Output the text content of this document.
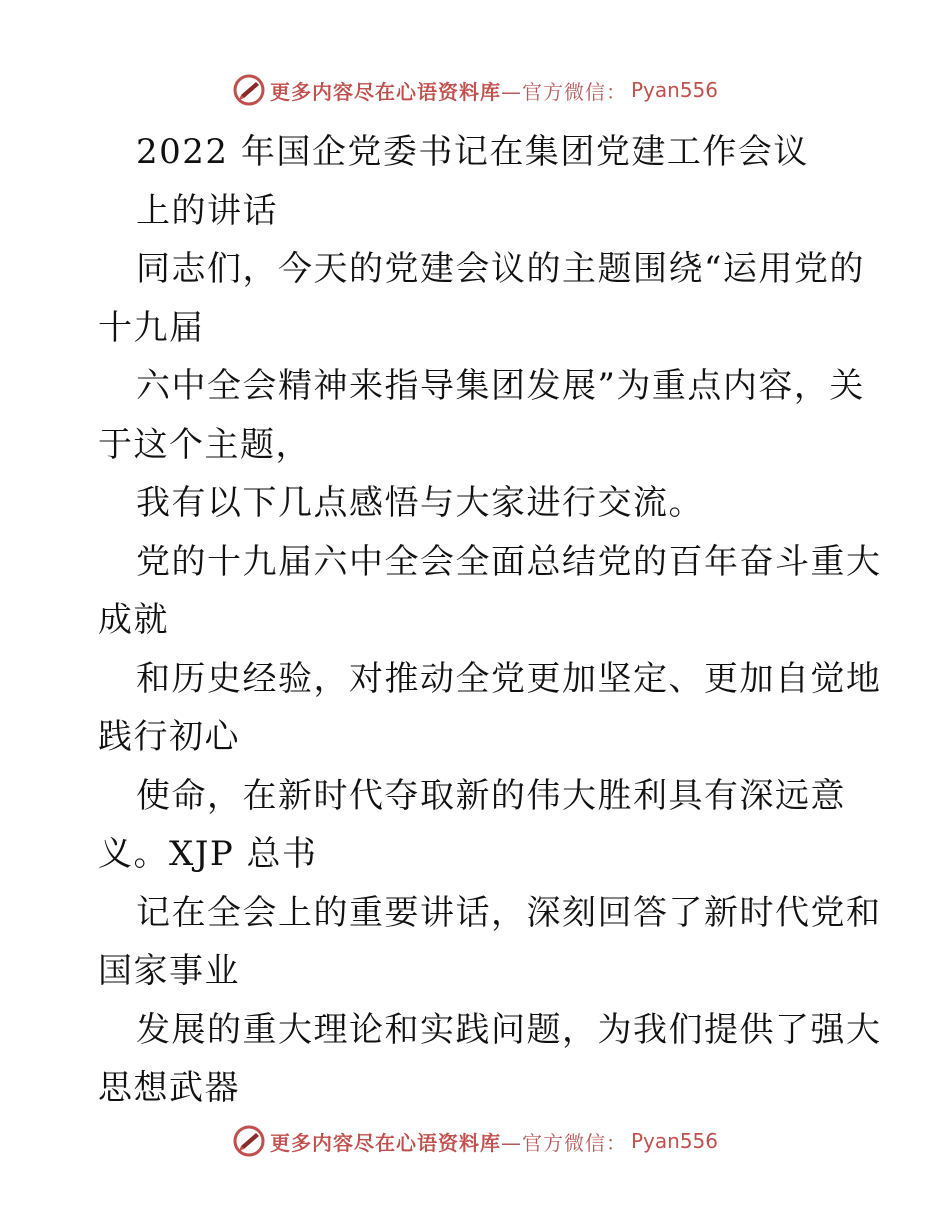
更多内容尽在心语资料库 —官方微信： Pyan556
2022 年国企党委书记在集团党建工作会议
上的讲话
同志们，今天的党建会议的主题围绕“运用党的
十九届
六中全会精神来指导集团发展”为重点内容，关
于这个主题，
我有以下几点感悟与大家进行交流。
党的十九届六中全会全面总结党的百年奋斗重大
成就
和历史经验，对推动全党更加坚定、更加自觉地
践行初心
使命，在新时代夺取新的伟大胜利具有深远意
义。XJP 总书
记在全会上的重要讲话，深刻回答了新时代党和
国家事业
发展的重大理论和实践问题，为我们提供了强大
思想武器
更多内容尽在心语资料库 —官方微信： Pyan556
